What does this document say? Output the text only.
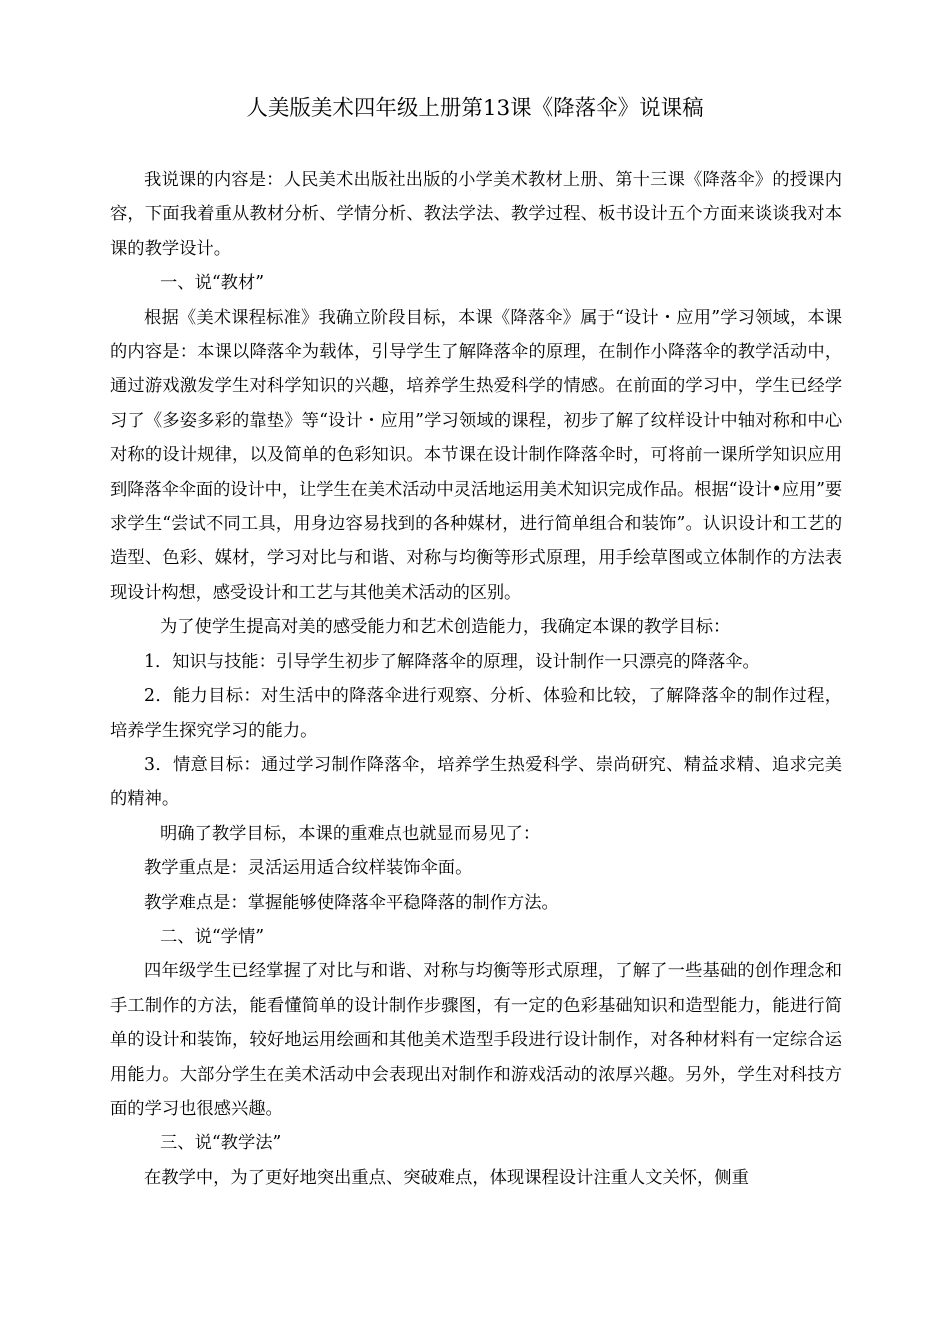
人美版美术四年级上册第13课《降落伞》说课稿

我说课的内容是：人民美术出版社出版的小学美术教材上册、第十三课《降落伞》的授课内容，下面我着重从教材分析、学情分析、教法学法、教学过程、板书设计五个方面来谈谈我对本课的教学设计。

一、说“教材”

根据《美术课程标准》我确立阶段目标，本课《降落伞》属于“设计・应用”学习领域，本课的内容是：本课以降落伞为载体，引导学生了解降落伞的原理，在制作小降落伞的教学活动中，通过游戏激发学生对科学知识的兴趣，培养学生热爱科学的情感。在前面的学习中，学生已经学习了《多姿多彩的靠垫》等“设计・应用”学习领域的课程，初步了解了纹样设计中轴对称和中心对称的设计规律，以及简单的色彩知识。本节课在设计制作降落伞时，可将前一课所学知识应用到降落伞伞面的设计中，让学生在美术活动中灵活地运用美术知识完成作品。根据“设计•应用”要求学生“尝试不同工具，用身边容易找到的各种媒材，进行简单组合和装饰”。认识设计和工艺的造型、色彩、媒材，学习对比与和谐、对称与均衡等形式原理，用手绘草图或立体制作的方法表现设计构想，感受设计和工艺与其他美术活动的区别。

为了使学生提高对美的感受能力和艺术创造能力，我确定本课的教学目标：

1．知识与技能：引导学生初步了解降落伞的原理，设计制作一只漂亮的降落伞。

2．能力目标：对生活中的降落伞进行观察、分析、体验和比较，了解降落伞的制作过程，培养学生探究学习的能力。

3．情意目标：通过学习制作降落伞，培养学生热爱科学、崇尚研究、精益求精、追求完美的精神。

明确了教学目标，本课的重难点也就显而易见了：

教学重点是：灵活运用适合纹样装饰伞面。

教学难点是：掌握能够使降落伞平稳降落的制作方法。

二、说“学情”

四年级学生已经掌握了对比与和谐、对称与均衡等形式原理，了解了一些基础的创作理念和手工制作的方法，能看懂简单的设计制作步骤图，有一定的色彩基础知识和造型能力，能进行简单的设计和装饰，较好地运用绘画和其他美术造型手段进行设计制作，对各种材料有一定综合运用能力。大部分学生在美术活动中会表现出对制作和游戏活动的浓厚兴趣。另外，学生对科技方面的学习也很感兴趣。

三、说“教学法”

在教学中，为了更好地突出重点、突破难点，体现课程设计注重人文关怀，侧重
